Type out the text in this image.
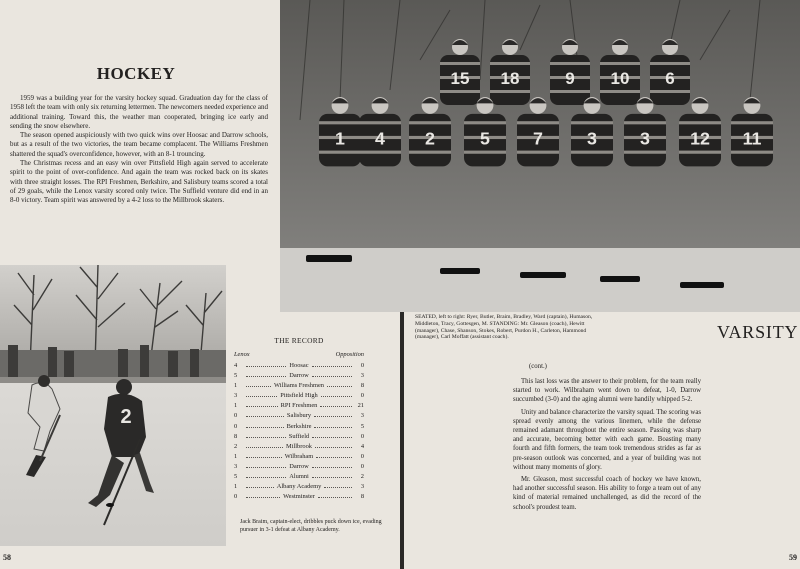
HOCKEY

1959 was a building year for the varsity hockey squad. Graduation day for the class of 1958 left the team with only six returning lettermen. The newcomers needed experience and additional training. Toward this, the weather man cooperated, bringing ice early and sending the snow elsewhere.

The season opened auspiciously with two quick wins over Hoosac and Darrow schools, but as a result of the two victories, the team became complacent. The Williams Freshmen shattered the squad's overconfidence, however, with an 8-1 trouncing.

The Christmas recess and an easy win over Pittsfield High again served to accelerate spirit to the point of over-confidence. And again the team was rocked back on its skates with three straight losses. The RPI Freshmen, Berkshire, and Salisbury teams scored a total of 29 goals, while the Lenox varsity scored only twice. The Suffield venture did end in an 8-0 victory. Team spirit was answered by a 4-2 loss to the Millbrook skaters.

2

Jack Braim, captain-elect, dribbles puck down ice, evading pursuer in 3-1 defeat at Albany Academy.

THE RECORD
Lenox	Opposition
4	Hoosac	0
5	Darrow	3
1	Williams Freshmen	8
3	Pittsfield High	0
1	RPI Freshmen	21
0	Salisbury	3
0	Berkshire	5
8	Suffield	0
2	Millbrook	4
1	Wilbraham	0
3	Darrow	0
5	Alumni	2
1	Albany Academy	3
0	Westminster	8
58

SEATED, left to right: Ryer, Butler, Braim, Bradley, Ward (captain), Humason, Middleton, Tracy, Gottesgen, M. STANDING: Mr. Gleason (coach), Hewitt (manager), Chase, Shanson, Stokes, Robert, Purdon H., Carleton, Hammond (manager), Carl Moffatt (assistant coach).	VARSITY
(cont.)

This last loss was the answer to their problem, for the team really started to work. Wilbraham went down to defeat, 1-0, Darrow succumbed (3-0) and the aging alumni were handily whipped 5-2.

Unity and balance characterize the varsity squad. The scoring was spread evenly among the various linemen, while the defense remained adamant throughout the entire season. Passing was sharp and accurate, becoming better with each game. Boasting many fourth and fifth formers, the team took tremendous strides as far as pre-season outlook was concerned, and a year of building was not without many moments of glory.

Mr. Gleason, most successful coach of hockey we have known, had another successful season. His ability to forge a team out of any kind of material remained unchallenged, as did the record of the school's proudest team.

59
15 18	9 10 6
1 4 2	5 7 3 3 12 11
